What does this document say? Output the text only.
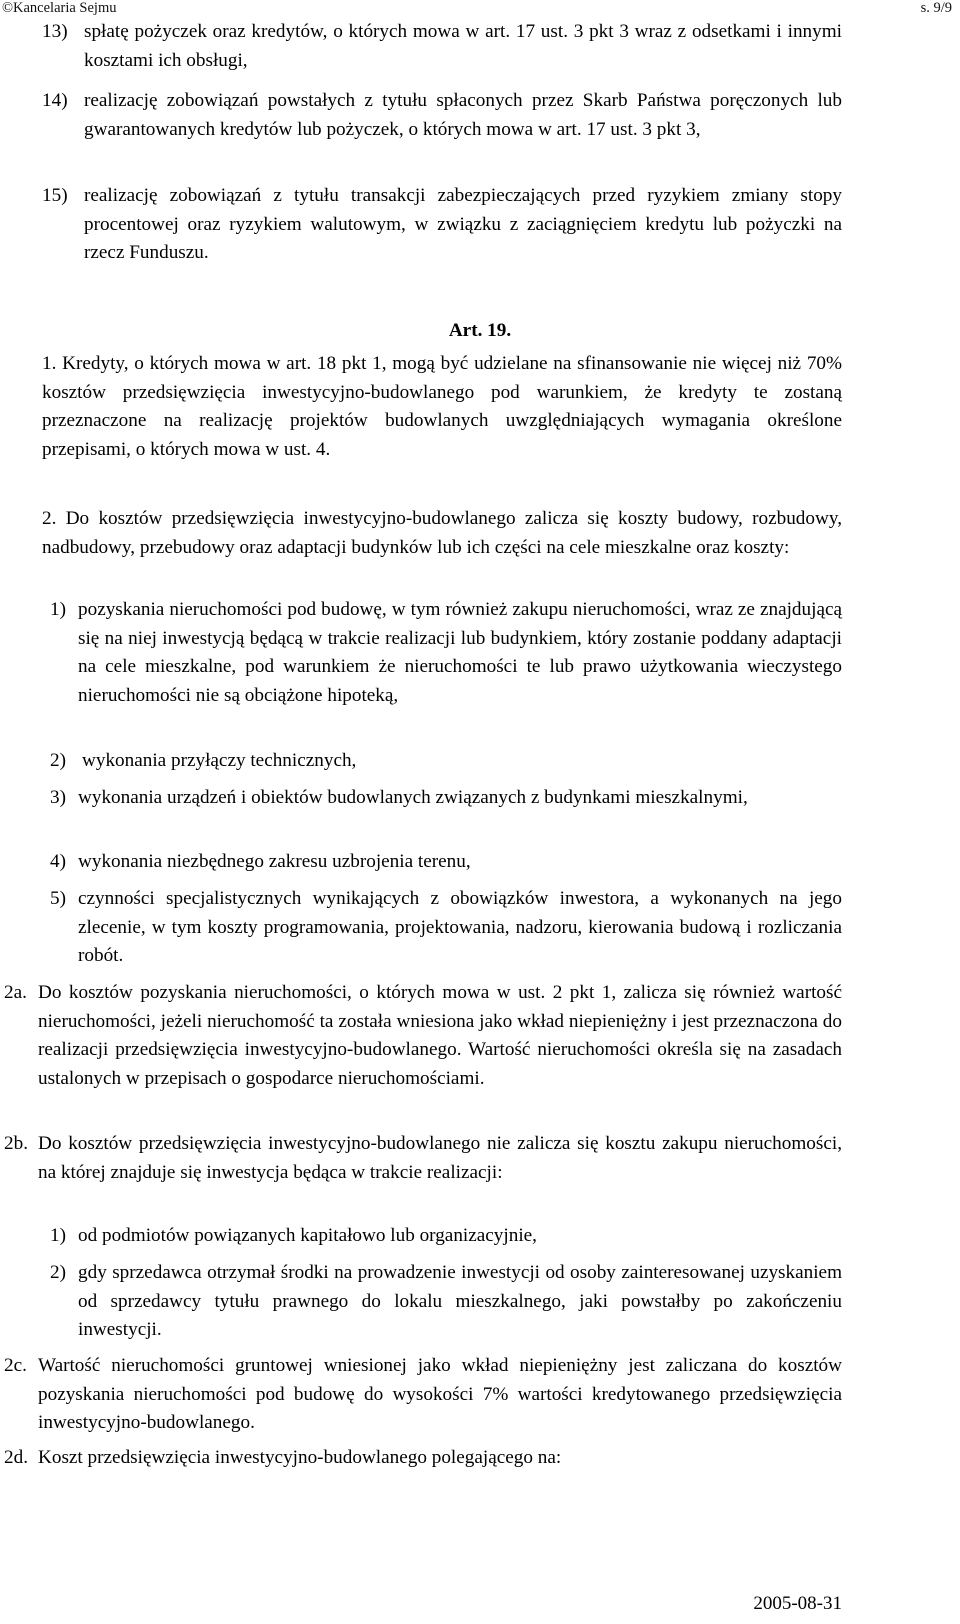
©Kancelaria Sejmu	s. 9/9
13) spłatę pożyczek oraz kredytów, o których mowa w art. 17 ust. 3 pkt 3 wraz z odsetkami i innymi kosztami ich obsługi,
14) realizację zobowiązań powstałych z tytułu spłaconych przez Skarb Państwa poręczonych lub gwarantowanych kredytów lub pożyczek, o których mowa w art. 17 ust. 3 pkt 3,
15) realizację zobowiązań z tytułu transakcji zabezpieczających przed ryzykiem zmiany stopy procentowej oraz ryzykiem walutowym, w związku z zaciągnięciem kredytu lub pożyczki na rzecz Funduszu.
Art. 19.
1. Kredyty, o których mowa w art. 18 pkt 1, mogą być udzielane na sfinansowanie nie więcej niż 70% kosztów przedsięwzięcia inwestycyjno-budowlanego pod warunkiem, że kredyty te zostaną przeznaczone na realizację projektów budowlanych uwzględniających wymagania określone przepisami, o których mowa w ust. 4.
2. Do kosztów przedsięwzięcia inwestycyjno-budowlanego zalicza się koszty budowy, rozbudowy, nadbudowy, przebudowy oraz adaptacji budynków lub ich części na cele mieszkalne oraz koszty:
1) pozyskania nieruchomości pod budowę, w tym również zakupu nieruchomości, wraz ze znajdującą się na niej inwestycją będącą w trakcie realizacji lub budynkiem, który zostanie poddany adaptacji na cele mieszkalne, pod warunkiem że nieruchomości te lub prawo użytkowania wieczystego nieruchomości nie są obciążone hipoteką,
2) wykonania przyłączy technicznych,
3) wykonania urządzeń i obiektów budowlanych związanych z budynkami mieszkalnymi,
4) wykonania niezbędnego zakresu uzbrojenia terenu,
5) czynności specjalistycznych wynikających z obowiązków inwestora, a wykonanych na jego zlecenie, w tym koszty programowania, projektowania, nadzoru, kierowania budową i rozliczania robót.
2a. Do kosztów pozyskania nieruchomości, o których mowa w ust. 2 pkt 1, zalicza się również wartość nieruchomości, jeżeli nieruchomość ta została wniesiona jako wkład niepieniężny i jest przeznaczona do realizacji przedsięwzięcia inwestycyjno-budowlanego. Wartość nieruchomości określa się na zasadach ustalonych w przepisach o gospodarce nieruchomościami.
2b. Do kosztów przedsięwzięcia inwestycyjno-budowlanego nie zalicza się kosztu zakupu nieruchomości, na której znajduje się inwestycja będąca w trakcie realizacji:
1) od podmiotów powiązanych kapitałowo lub organizacyjnie,
2) gdy sprzedawca otrzymał środki na prowadzenie inwestycji od osoby zainteresowanej uzyskaniem od sprzedawcy tytułu prawnego do lokalu mieszkalnego, jaki powstałby po zakończeniu inwestycji.
2c. Wartość nieruchomości gruntowej wniesionej jako wkład niepieniężny jest zaliczana do kosztów pozyskania nieruchomości pod budowę do wysokości 7% wartości kredytowanego przedsięwzięcia inwestycyjno-budowlanego.
2d. Koszt przedsięwzięcia inwestycyjno-budowlanego polegającego na:
2005-08-31
